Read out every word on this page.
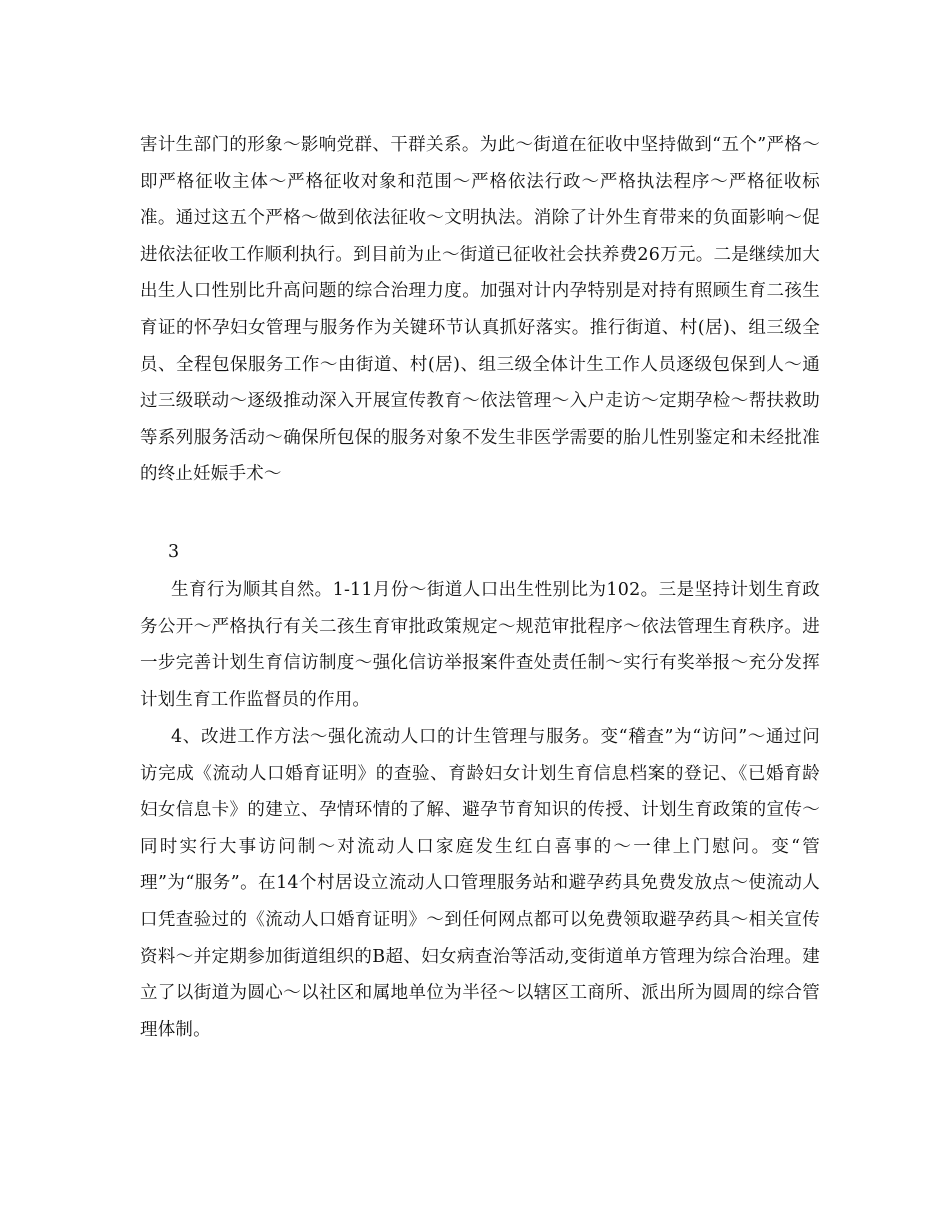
害计生部门的形象～影响党群、干群关系。为此～街道在征收中坚持做到“五个”严格～即严格征收主体～严格征收对象和范围～严格依法行政～严格执法程序～严格征收标准。通过这五个严格～做到依法征收～文明执法。消除了计外生育带来的负面影响～促进依法征收工作顺利执行。到目前为止～街道已征收社会扶养费26万元。二是继续加大出生人口性别比升高问题的综合治理力度。加强对计内孕特别是对持有照顾生育二孩生育证的怀孕妇女管理与服务作为关键环节认真抓好落实。推行街道、村(居)、组三级全员、全程包保服务工作～由街道、村(居)、组三级全体计生工作人员逐级包保到人～通过三级联动～逐级推动深入开展宣传教育～依法管理～入户走访～定期孕检～帮扶救助等系列服务活动～确保所包保的服务对象不发生非医学需要的胎儿性别鉴定和未经批准的终止妊娠手术～

3

生育行为顺其自然。1-11月份～街道人口出生性别比为102。三是坚持计划生育政务公开～严格执行有关二孩生育审批政策规定～规范审批程序～依法管理生育秩序。进一步完善计划生育信访制度～强化信访举报案件查处责任制～实行有奖举报～充分发挥计划生育工作监督员的作用。

4、改进工作方法～强化流动人口的计生管理与服务。变“稽查”为“访问”～通过问访完成《流动人口婚育证明》的查验、育龄妇女计划生育信息档案的登记、《已婚育龄妇女信息卡》的建立、孕情环情的了解、避孕节育知识的传授、计划生育政策的宣传～同时实行大事访问制～对流动人口家庭发生红白喜事的～一律上门慰问。变“管理”为“服务”。在14个村居设立流动人口管理服务站和避孕药具免费发放点～使流动人口凭查验过的《流动人口婚育证明》～到任何网点都可以免费领取避孕药具～相关宣传资料～并定期参加街道组织的B超、妇女病查治等活动,变街道单方管理为综合治理。建立了以街道为圆心～以社区和属地单位为半径～以辖区工商所、派出所为圆周的综合管理体制。
